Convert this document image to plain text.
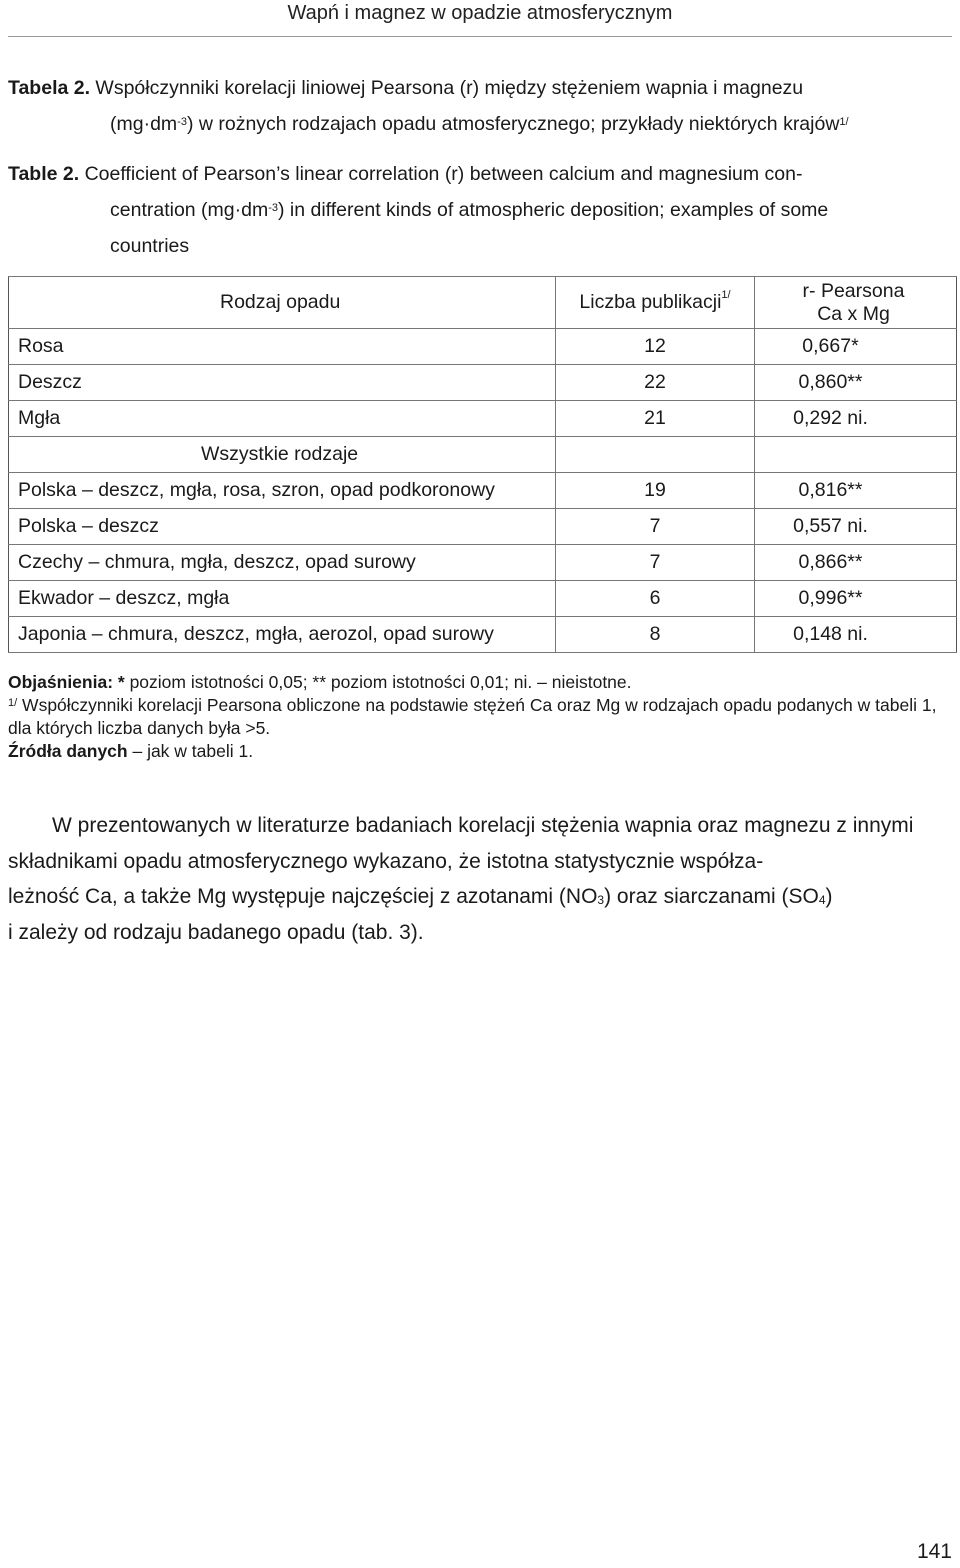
Wapń i magnez w opadzie atmosferycznym
Tabela 2. Współczynniki korelacji liniowej Pearsona (r) między stężeniem wapnia i magnezu
$(mg\cdot dm^{-3})$ w rożnych rodzajach opadu atmosferycznego; przykłady niektórych krajów$^{1/}$
Table 2. Coefficient of Pearson’s linear correlation (r) between calcium and magnesium con-
centration $(mg\cdot dm^{-3})$ in different kinds of atmospheric deposition; examples of some
countries
Rodzaj opadu	Liczba publikacji$^{1/}$	r- Pearsona
Ca x Mg
Rosa	12	0,667*
Deszcz	22	0,860**
Mgła	21	0,292 ni.
Wszystkie rodzaje		
Polska – deszcz, mgła, rosa, szron, opad podkoronowy	19	0,816**
Polska – deszcz	7	0,557 ni.
Czechy – chmura, mgła, deszcz, opad surowy	7	0,866**
Ekwador – deszcz, mgła	6	0,996**
Japonia – chmura, deszcz, mgła, aerozol, opad surowy	8	0,148 ni.
Objaśnienia: * poziom istotności 0,05; ** poziom istotności 0,01; ni. – nieistotne.
$^{1/}$ Współczynniki korelacji Pearsona obliczone na podstawie stężeń Ca oraz Mg w rodzajach opadu podanych w tabeli 1, dla których liczba danych była >5.
Źródła danych – jak w tabeli 1.
W prezentowanych w literaturze badaniach korelacji stężenia wapnia oraz magnezu z innymi składnikami opadu atmosferycznego wykazano, że istotna statystycznie współza-
leżność Ca, a także Mg występuje najczęściej z azotanami $(NO_3)$ oraz siarczanami $(SO_4)$
i zależy od rodzaju badanego opadu (tab. 3).
141
